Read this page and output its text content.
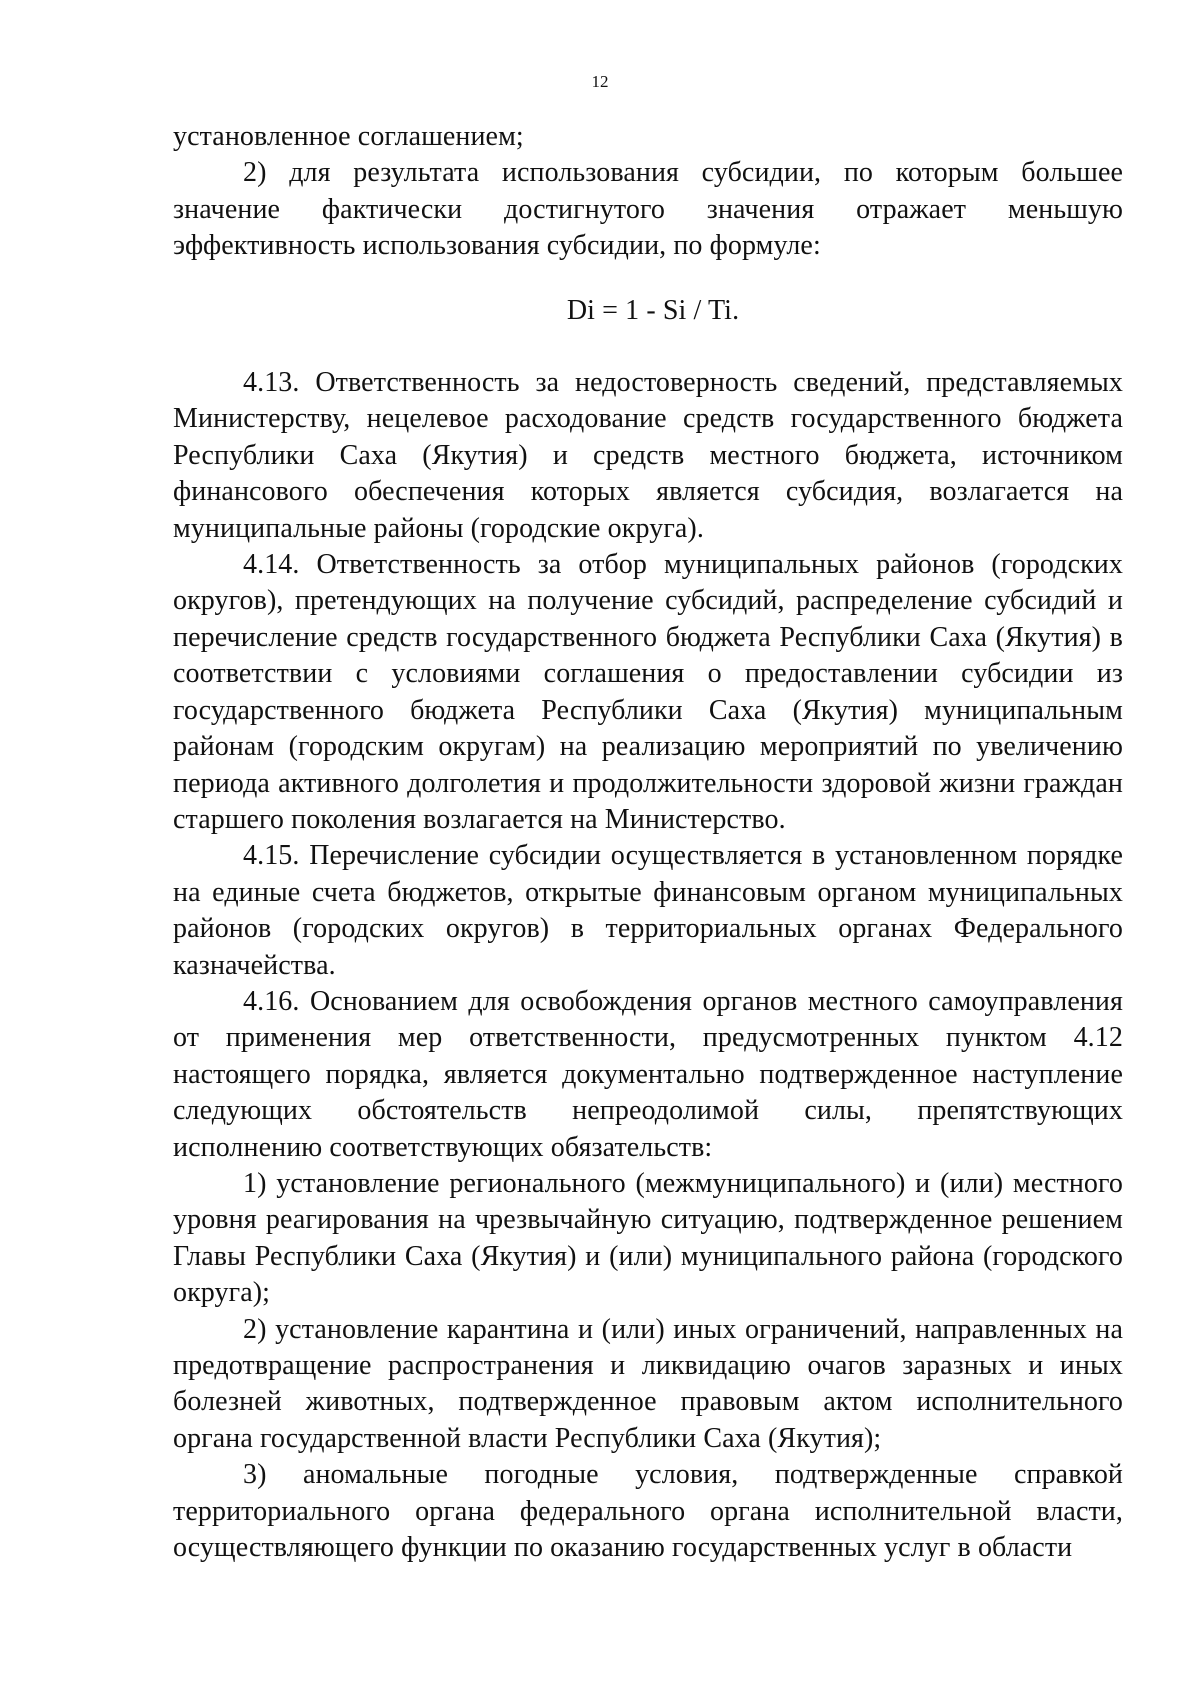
12

установленное соглашением;

2) для результата использования субсидии, по которым большее значение фактически достигнутого значения отражает меньшую эффективность использования субсидии, по формуле:

Di = 1 - Si / Ti.

4.13. Ответственность за недостоверность сведений, представляемых Министерству, нецелевое расходование средств государственного бюджета Республики Саха (Якутия) и средств местного бюджета, источником финансового обеспечения которых является субсидия, возлагается на муниципальные районы (городские округа).

4.14. Ответственность за отбор муниципальных районов (городских округов), претендующих на получение субсидий, распределение субсидий и перечисление средств государственного бюджета Республики Саха (Якутия) в соответствии с условиями соглашения о предоставлении субсидии из государственного бюджета Республики Саха (Якутия) муниципальным районам (городским округам) на реализацию мероприятий по увеличению периода активного долголетия и продолжительности здоровой жизни граждан старшего поколения возлагается на Министерство.

4.15. Перечисление субсидии осуществляется в установленном порядке на единые счета бюджетов, открытые финансовым органом муниципальных районов (городских округов) в территориальных органах Федерального казначейства.

4.16. Основанием для освобождения органов местного самоуправления от применения мер ответственности, предусмотренных пунктом 4.12 настоящего порядка, является документально подтвержденное наступление следующих обстоятельств непреодолимой силы, препятствующих исполнению соответствующих обязательств:

1) установление регионального (межмуниципального) и (или) местного уровня реагирования на чрезвычайную ситуацию, подтвержденное решением Главы Республики Саха (Якутия) и (или) муниципального района (городского округа);

2) установление карантина и (или) иных ограничений, направленных на предотвращение распространения и ликвидацию очагов заразных и иных болезней животных, подтвержденное правовым актом исполнительного органа государственной власти Республики Саха (Якутия);

3) аномальные погодные условия, подтвержденные справкой территориального органа федерального органа исполнительной власти, осуществляющего функции по оказанию государственных услуг в области
